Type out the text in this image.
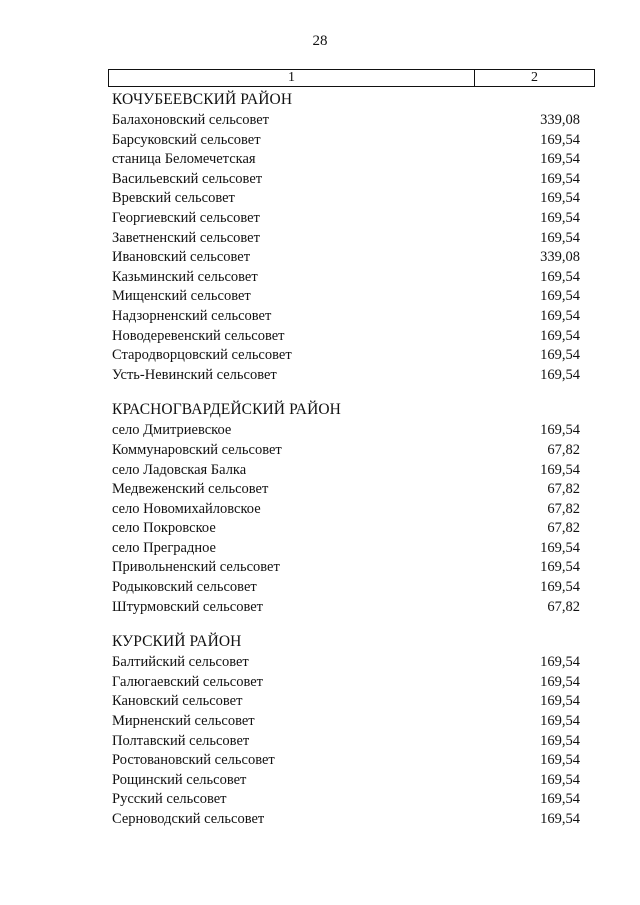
28
1	2
КОЧУБЕЕВСКИЙ РАЙОН
Балахоновский сельсовет	339,08
Барсуковский сельсовет	169,54
станица Беломечетская	169,54
Васильевский сельсовет	169,54
Вревский сельсовет	169,54
Георгиевский сельсовет	169,54
Заветненский сельсовет	169,54
Ивановский сельсовет	339,08
Казьминский сельсовет	169,54
Мищенский сельсовет	169,54
Надзорненский сельсовет	169,54
Новодеревенский сельсовет	169,54
Стародворцовский сельсовет	169,54
Усть-Невинский сельсовет	169,54
КРАСНОГВАРДЕЙСКИЙ РАЙОН
село Дмитриевское	169,54
Коммунаровский сельсовет	67,82
село Ладовская Балка	169,54
Медвеженский сельсовет	67,82
село Новомихайловское	67,82
село Покровское	67,82
село Преградное	169,54
Привольненский сельсовет	169,54
Родыковский сельсовет	169,54
Штурмовский сельсовет	67,82
КУРСКИЙ РАЙОН
Балтийский сельсовет	169,54
Галюгаевский сельсовет	169,54
Кановский сельсовет	169,54
Мирненский сельсовет	169,54
Полтавский сельсовет	169,54
Ростовановский сельсовет	169,54
Рощинский сельсовет	169,54
Русский сельсовет	169,54
Серноводский сельсовет	169,54
